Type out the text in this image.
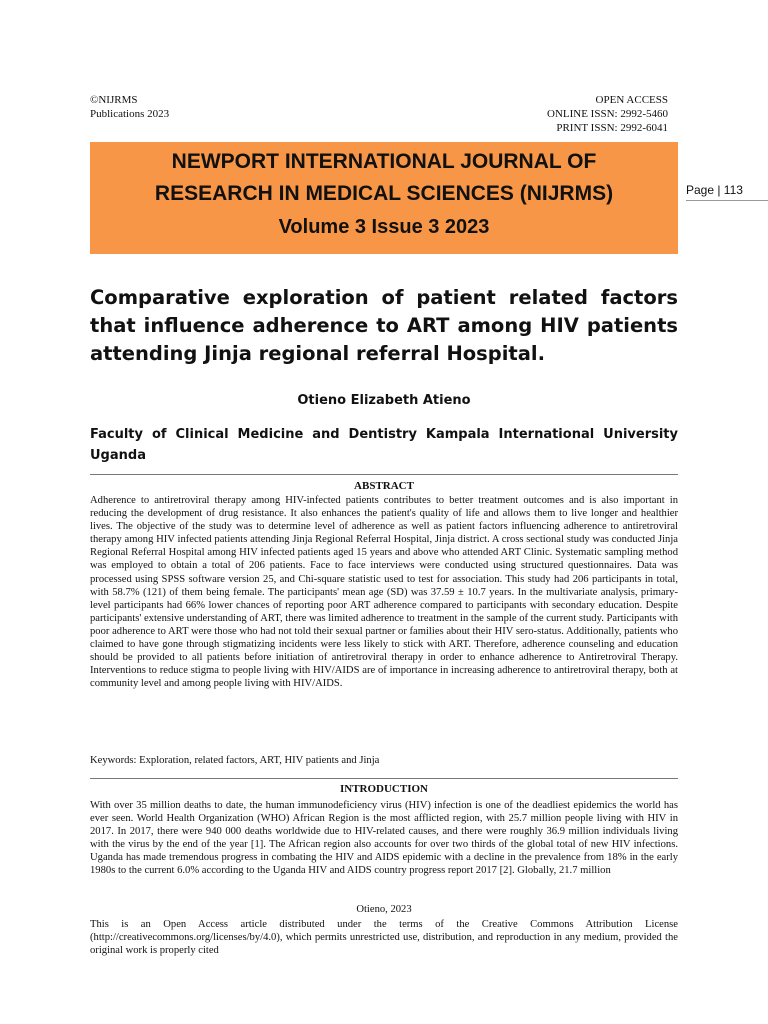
©NIJRMS
Publications 2023
OPEN ACCESS
ONLINE ISSN: 2992-5460
PRINT ISSN: 2992-6041
NEWPORT INTERNATIONAL JOURNAL OF
RESEARCH IN MEDICAL SCIENCES (NIJRMS)
Volume 3 Issue 3 2023
Page | 113
Comparative exploration of patient related factors that influence adherence to ART among HIV patients attending Jinja regional referral Hospital.
Otieno Elizabeth Atieno
Faculty of Clinical Medicine and Dentistry Kampala International University Uganda
ABSTRACT
Adherence to antiretroviral therapy among HIV-infected patients contributes to better treatment outcomes and is also important in reducing the development of drug resistance. It also enhances the patient's quality of life and allows them to live longer and healthier lives. The objective of the study was to determine level of adherence as well as patient factors influencing adherence to antiretroviral therapy among HIV infected patients attending Jinja Regional Referral Hospital, Jinja district. A cross sectional study was conducted Jinja Regional Referral Hospital among HIV infected patients aged 15 years and above who attended ART Clinic. Systematic sampling method was employed to obtain a total of 206 patients. Face to face interviews were conducted using structured questionnaires. Data was processed using SPSS software version 25, and Chi-square statistic used to test for association. This study had 206 participants in total, with 58.7% (121) of them being female. The participants' mean age (SD) was 37.59 ± 10.7 years. In the multivariate analysis, primary-level participants had 66% lower chances of reporting poor ART adherence compared to participants with secondary education. Despite participants' extensive understanding of ART, there was limited adherence to treatment in the sample of the current study. Participants with poor adherence to ART were those who had not told their sexual partner or families about their HIV sero-status. Additionally, patients who claimed to have gone through stigmatizing incidents were less likely to stick with ART. Therefore, adherence counseling and education should be provided to all patients before initiation of antiretroviral therapy in order to enhance adherence to Antiretroviral Therapy. Interventions to reduce stigma to people living with HIV/AIDS are of importance in increasing adherence to antiretroviral therapy, both at community level and among people living with HIV/AIDS.
Keywords: Exploration, related factors, ART, HIV patients and Jinja
INTRODUCTION
With over 35 million deaths to date, the human immunodeficiency virus (HIV) infection is one of the deadliest epidemics the world has ever seen. World Health Organization (WHO) African Region is the most afflicted region, with 25.7 million people living with HIV in 2017. In 2017, there were 940 000 deaths worldwide due to HIV-related causes, and there were roughly 36.9 million individuals living with the virus by the end of the year [1]. The African region also accounts for over two thirds of the global total of new HIV infections. Uganda has made tremendous progress in combating the HIV and AIDS epidemic with a decline in the prevalence from 18% in the early 1980s to the current 6.0% according to the Uganda HIV and AIDS country progress report 2017 [2]. Globally, 21.7 million
Otieno, 2023
This is an Open Access article distributed under the terms of the Creative Commons Attribution License (http://creativecommons.org/licenses/by/4.0), which permits unrestricted use, distribution, and reproduction in any medium, provided the original work is properly cited
